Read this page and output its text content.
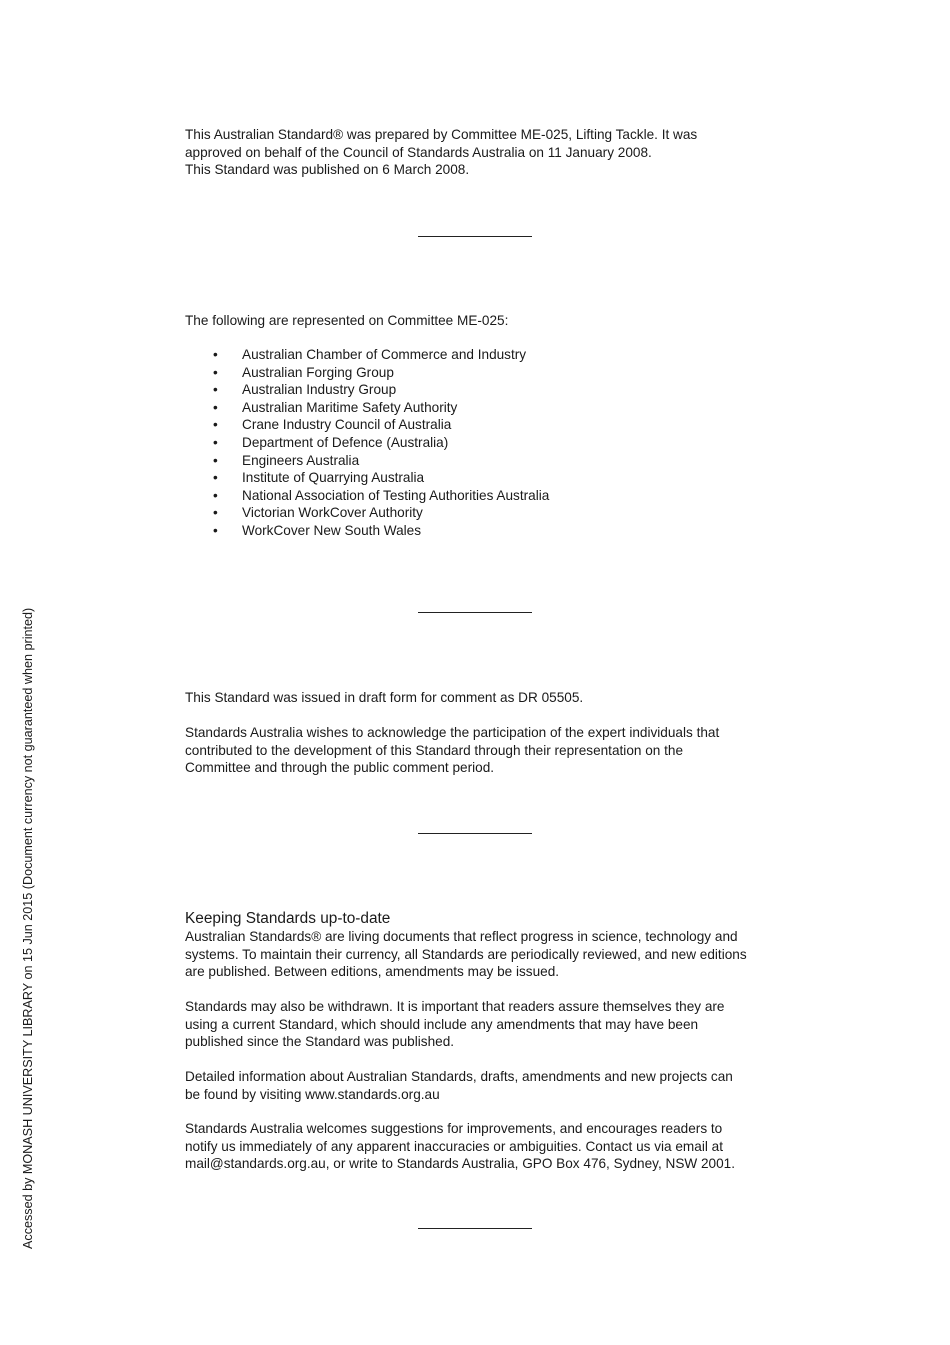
This Australian Standard® was prepared by Committee ME-025, Lifting Tackle. It was
approved on behalf of the Council of Standards Australia on 11 January 2008.
This Standard was published on 6 March 2008.
The following are represented on Committee ME-025:
• Australian Chamber of Commerce and Industry
• Australian Forging Group
• Australian Industry Group
• Australian Maritime Safety Authority
• Crane Industry Council of Australia
• Department of Defence (Australia)
• Engineers Australia
• Institute of Quarrying Australia
• National Association of Testing Authorities Australia
• Victorian WorkCover Authority
• WorkCover New South Wales
This Standard was issued in draft form for comment as DR 05505.
Standards Australia wishes to acknowledge the participation of the expert individuals that
contributed to the development of this Standard through their representation on the
Committee and through the public comment period.
Keeping Standards up-to-date
Australian Standards® are living documents that reflect progress in science, technology and
systems. To maintain their currency, all Standards are periodically reviewed, and new editions
are published. Between editions, amendments may be issued.
Standards may also be withdrawn. It is important that readers assure themselves they are
using a current Standard, which should include any amendments that may have been
published since the Standard was published.
Detailed information about Australian Standards, drafts, amendments and new projects can
be found by visiting www.standards.org.au
Standards Australia welcomes suggestions for improvements, and encourages readers to
notify us immediately of any apparent inaccuracies or ambiguities. Contact us via email at
mail@standards.org.au, or write to Standards Australia, GPO Box 476, Sydney, NSW 2001.
Accessed by MONASH UNIVERSITY LIBRARY on 15 Jun 2015 (Document currency not guaranteed when printed)
